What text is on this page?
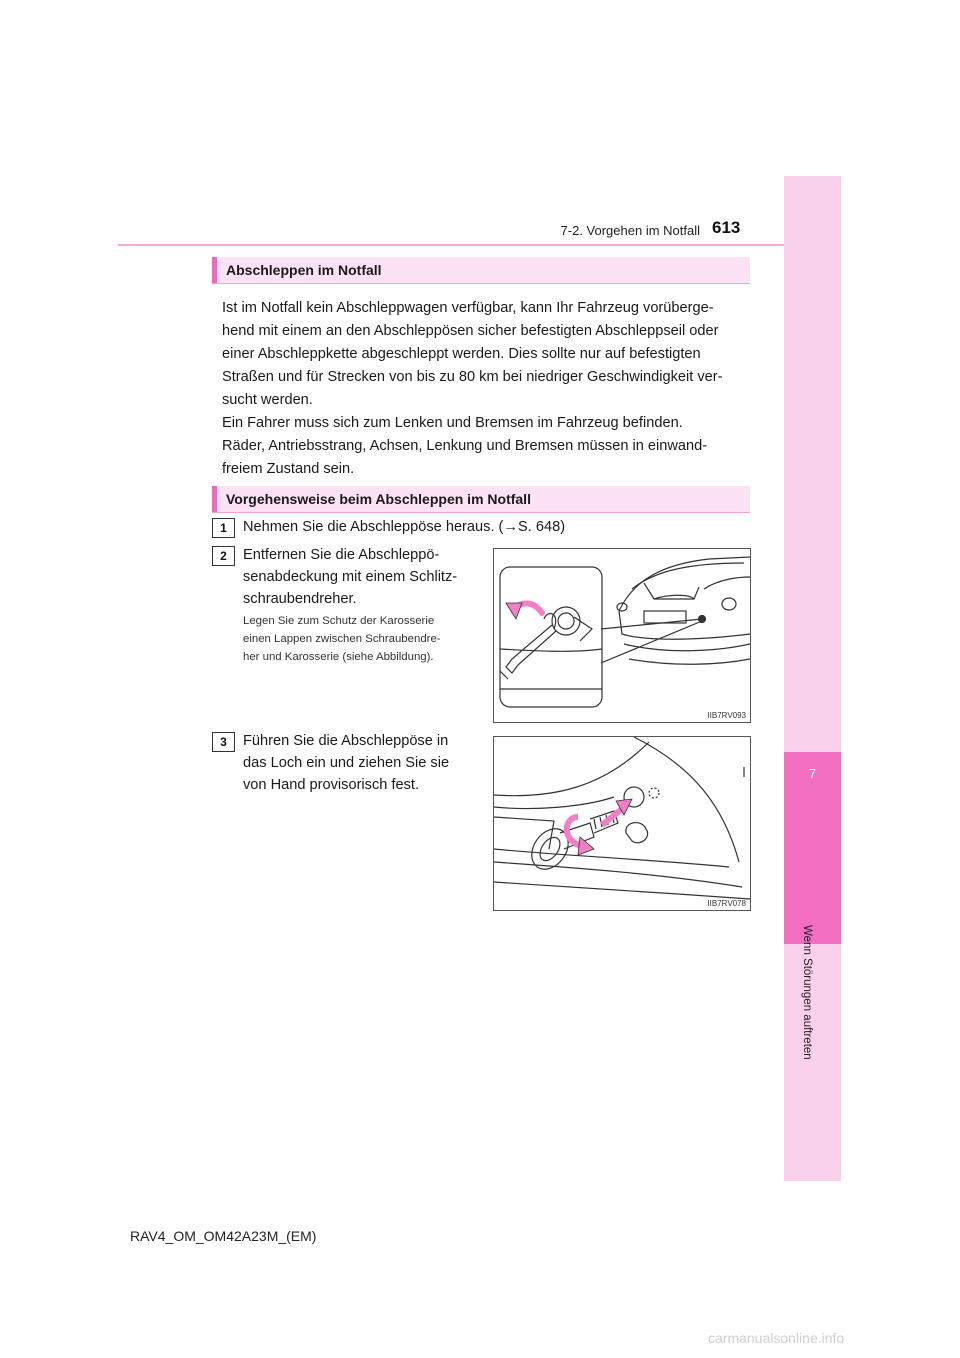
7
Wenn Störungen auftreten
7-2. Vorgehen im Notfall 613
Abschleppen im Notfall

Ist im Notfall kein Abschleppwagen verfügbar, kann Ihr Fahrzeug vorüberge-
hend mit einem an den Abschleppösen sicher befestigten Abschleppseil oder
einer Abschleppkette abgeschleppt werden. Dies sollte nur auf befestigten
Straßen und für Strecken von bis zu 80 km bei niedriger Geschwindigkeit ver-
sucht werden.
Ein Fahrer muss sich zum Lenken und Bremsen im Fahrzeug befinden.
Räder, Antriebsstrang, Achsen, Lenkung und Bremsen müssen in einwand-
freiem Zustand sein.

Vorgehensweise beim Abschleppen im Notfall
1	Nehmen Sie die Abschleppöse heraus. (→S. 648)

2	Entfernen Sie die Abschleppö-
senabdeckung mit einem Schlitz-
schraubendreher.

Legen Sie zum Schutz der Karosserie
einen Lappen zwischen Schraubendre-
her und Karosserie (siehe Abbildung).

IIB7RV093
3	Führen Sie die Abschleppöse in
das Loch ein und ziehen Sie sie
von Hand provisorisch fest.

IIB7RV078
RAV4_OM_OM42A23M_(EM)
carmanualsonline.info
